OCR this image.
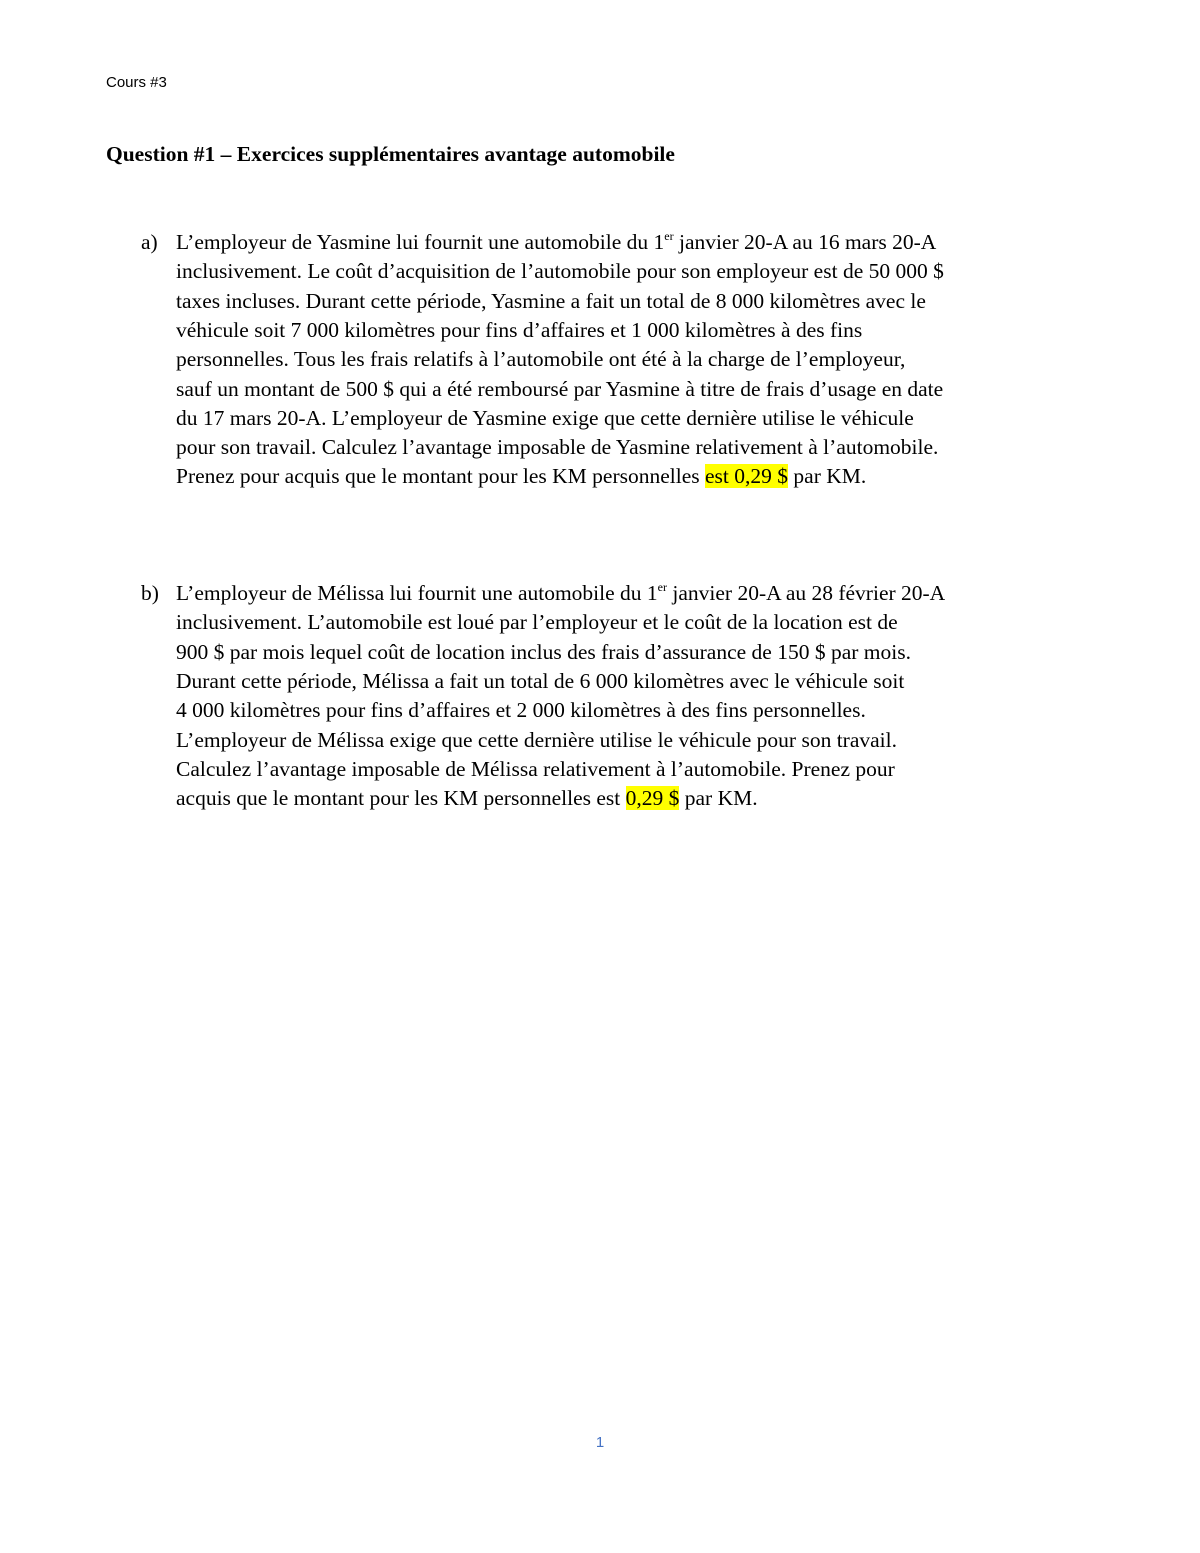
Cours #3
Question #1 – Exercices supplémentaires avantage automobile
a) L’employeur de Yasmine lui fournit une automobile du 1er janvier 20-A au 16 mars 20-A
inclusivement. Le coût d’acquisition de l’automobile pour son employeur est de 50 000 $
taxes incluses. Durant cette période, Yasmine a fait un total de 8 000 kilomètres avec le
véhicule soit 7 000 kilomètres pour fins d’affaires et 1 000 kilomètres à des fins
personnelles. Tous les frais relatifs à l’automobile ont été à la charge de l’employeur,
sauf un montant de 500 $ qui a été remboursé par Yasmine à titre de frais d’usage en date
du 17 mars 20-A. L’employeur de Yasmine exige que cette dernière utilise le véhicule
pour son travail. Calculez l’avantage imposable de Yasmine relativement à l’automobile.
Prenez pour acquis que le montant pour les KM personnelles est 0,29 $ par KM.
b) L’employeur de Mélissa lui fournit une automobile du 1er janvier 20-A au 28 février 20-A
inclusivement. L’automobile est loué par l’employeur et le coût de la location est de
900 $ par mois lequel coût de location inclus des frais d’assurance de 150 $ par mois.
Durant cette période, Mélissa a fait un total de 6 000 kilomètres avec le véhicule soit
4 000 kilomètres pour fins d’affaires et 2 000 kilomètres à des fins personnelles.
L’employeur de Mélissa exige que cette dernière utilise le véhicule pour son travail.
Calculez l’avantage imposable de Mélissa relativement à l’automobile. Prenez pour
acquis que le montant pour les KM personnelles est 0,29 $ par KM.
1
